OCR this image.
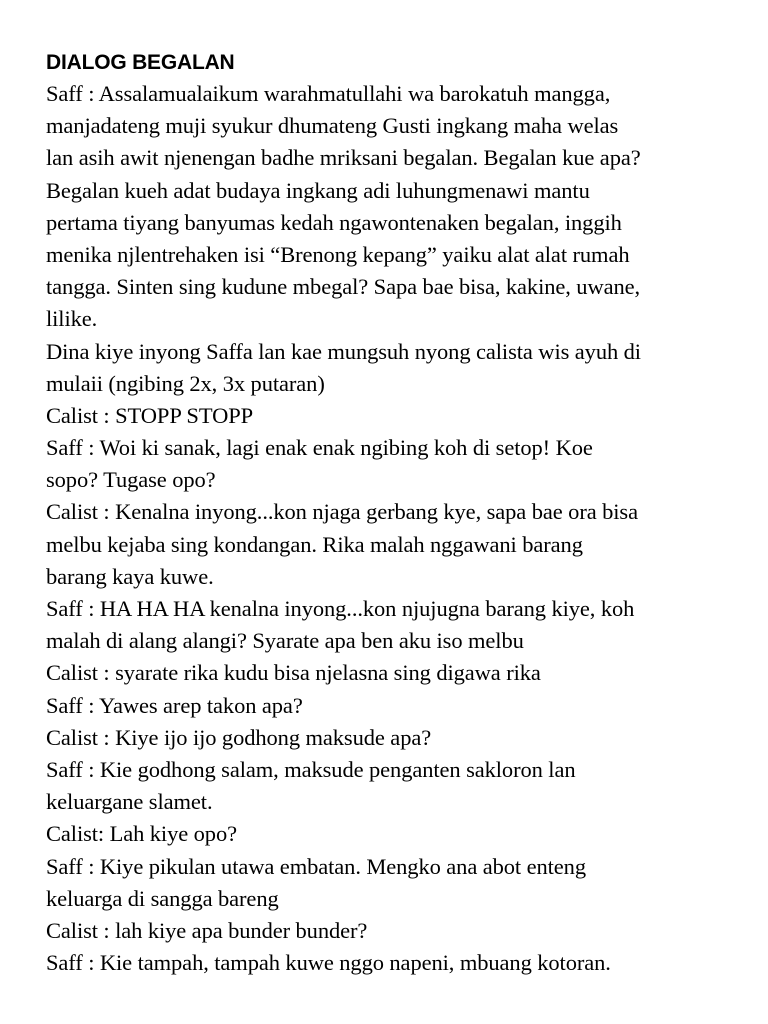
DIALOG BEGALAN
Saff : Assalamualaikum warahmatullahi wa barokatuh mangga,
manjadateng muji syukur dhumateng Gusti ingkang maha welas
lan asih awit njenengan badhe mriksani begalan. Begalan kue apa?
Begalan kueh adat budaya ingkang adi luhungmenawi mantu
pertama tiyang banyumas kedah ngawontenaken begalan, inggih
menika njlentrehaken isi “Brenong kepang” yaiku alat alat rumah
tangga. Sinten sing kudune mbegal? Sapa bae bisa, kakine, uwane,
lilike.
Dina kiye inyong Saffa lan kae mungsuh nyong calista wis ayuh di
mulaii (ngibing 2x, 3x putaran)
Calist : STOPP STOPP
Saff : Woi ki sanak, lagi enak enak ngibing koh di setop! Koe
sopo? Tugase opo?
Calist : Kenalna inyong...kon njaga gerbang kye, sapa bae ora bisa
melbu kejaba sing kondangan. Rika malah nggawani barang
barang kaya kuwe.
Saff : HA HA HA kenalna inyong...kon njujugna barang kiye, koh
malah di alang alangi? Syarate apa ben aku iso melbu
Calist : syarate rika kudu bisa njelasna sing digawa rika
Saff : Yawes arep takon apa?
Calist : Kiye ijo ijo godhong maksude apa?
Saff : Kie godhong salam, maksude penganten sakloron lan
keluargane slamet.
Calist: Lah kiye opo?
Saff : Kiye pikulan utawa embatan. Mengko ana abot enteng
keluarga di sangga bareng
Calist : lah kiye apa bunder bunder?
Saff : Kie tampah, tampah kuwe nggo napeni, mbuang kotoran.
